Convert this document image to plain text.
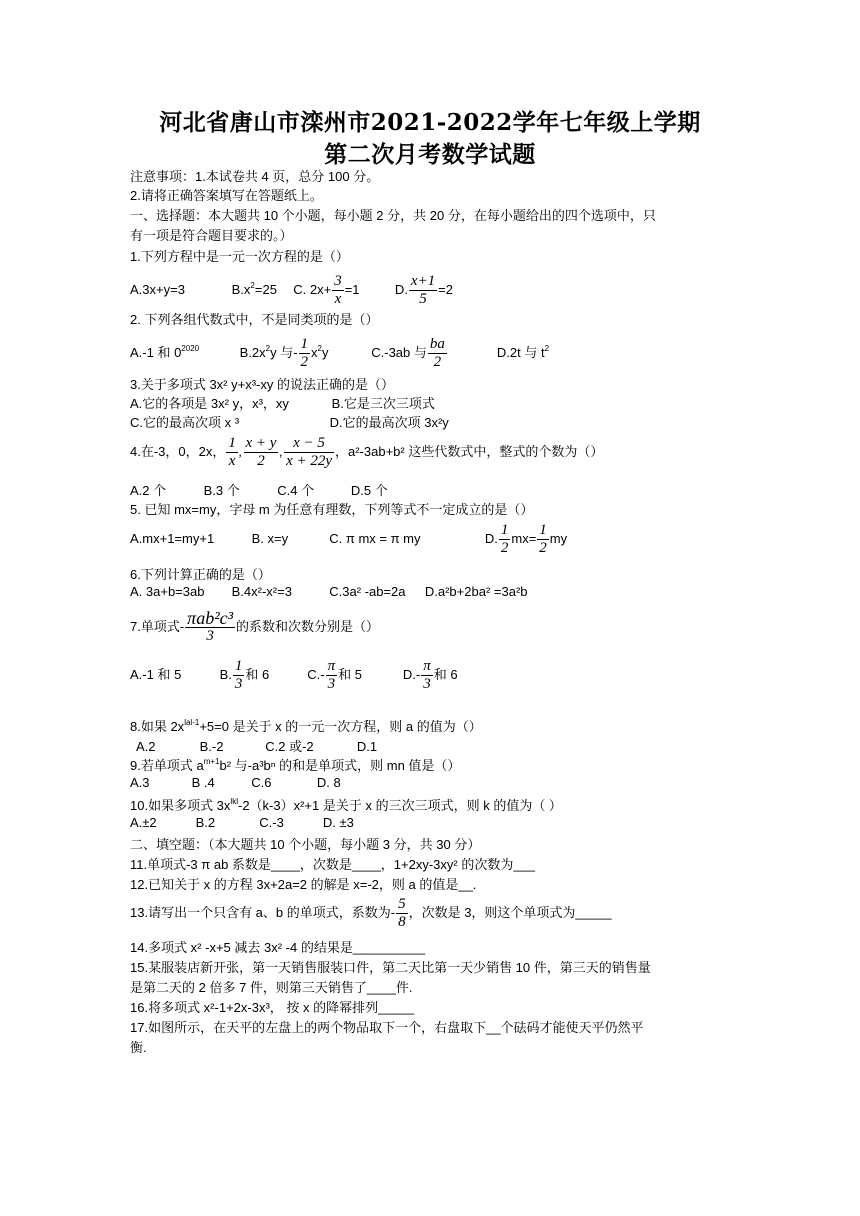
河北省唐山市滦州市2021-2022学年七年级上学期
第二次月考数学试题
注意事项：1.本试卷共 4 页，总分 100 分。
2.请将正确答案填写在答题纸上。
一、选择题：本大题共 10 个小题，每小题 2 分，共 20 分，在每小题给出的四个选项中，只
有一项是符合题目要求的。）
1.下列方程中是一元一次方程的是（）
A.3x+y=3	$B.x^2=25$ C. $2x+ \frac{3}{x} =1$	D. $\frac{x+1}{5} =2$
2. 下列各组代数式中，不是同类项的是（）
A.-1 和 $0^{2020}$	$B.2x^2y$ 与- $\frac{1}{2} x^2y$	C.-3ab 与 $\frac{ba}{2}$	D.2t 与 $t^2$
3.关于多项式 3x² y+x³-xy 的说法正确的是（）
A.它的各项是 3x² y，x³，xy	B.它是三次三项式
C.它的最高次项 x ³	D.它的最高次项 3x²y
4.在-3，0，2x， $\frac{1}{x}$ , $\frac{x + y}{2}$ , $\frac{x - 5}{x + 22y}$ ，a²-3ab+b² 这些代数式中，整式的个数为（）
A.2 个	B.3 个	C.4 个	D.5 个
5. 已知 mx=my，字母 m 为任意有理数，下列等式不一定成立的是（）
A.mx+1=my+1	B. x=y	C. π mx = π my	D. $\frac{1}{2} mx= \frac{1}{2}$ my
6.下列计算正确的是（）
A. 3a+b=3ab B.4x²-x²=3	C.3a² -ab=2a D.a²b+2ba² =3a²b
7.单项式- $\frac{\text{πab²c³}}{3}$ 的系数和次数分别是（）
A.-1 和 5	B. $\frac{1}{3}$ 和 6	$C.- \frac{\pi}{3}$ 和 5	$D.- \frac{\pi}{3}$ 和 6
8.如果 $2x^{lal-1}+5=0$ 是关于 x 的一元一次方程，则 a 的值为（）
A.2	B.-2	C.2 或-2	D.1
9.若单项式 $a^{m+1}b^2$ 与-a³bⁿ 的和是单项式，则 mn 值是（）
A.3	B .4	C.6	D. 8
10.如果多项式 $3x^{lkl}-2(k-3)x^2+1$ 是关于 x 的三次三项式，则 k 的值为（ ）
A.±2	B.2	C.-3	D. ±3
二、填空题：（本大题共 10 个小题，每小题 3 分，共 30 分）
11.单项式-3 π ab 系数是____，次数是____，1+2xy-3xy² 的次数为___
12.已知关于 x 的方程 3x+2a=2 的解是 x=-2，则 a 的值是__.
13.请写出一个只含有 a、b 的单项式，系数为- $\frac{5}{8}$ ，次数是 3，则这个单项式为_____
14.多项式 x² -x+5 减去 3x² -4 的结果是__________
15.某服装店新开张，第一天销售服装口件，第二天比第一天少销售 10 件，第三天的销售量
是第二天的 2 倍多 7 件，则第三天销售了____件.
16.将多项式 x²-1+2x-3x³， 按 x 的降幂排列_____
17.如图所示，在天平的左盘上的两个物品取下一个，右盘取下__个砝码才能使天平仍然平
衡.
